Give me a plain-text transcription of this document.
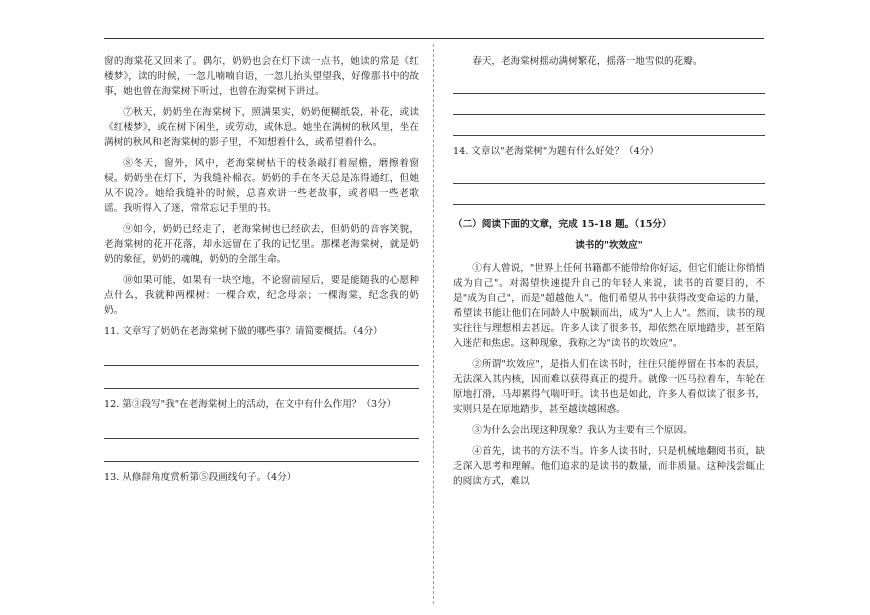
窗的海棠花又回来了。偶尔，奶奶也会在灯下读一点书，她读的常是《红楼梦》，读的时候，一忽儿喃喃自语，一忽儿抬头望望我，好像那书中的故事，她也曾在海棠树下听过，也曾在海棠树下讲过。

⑦秋天，奶奶坐在海棠树下，照满果实，奶奶便糊纸袋，补花，或读《红楼梦》，或在树下闲坐，或劳动，或休息。她坐在满树的秋风里，坐在满树的秋风和老海棠树的影子里，不知想着什么，或希望着什么。

⑧冬天，窗外，风中，老海棠树枯干的枝条敲打着屋檐，磨擦着窗棂。奶奶坐在灯下，为我缝补棉衣。奶奶的手在冬天总是冻得通红，但她从不说冷。她给我缝补的时候，总喜欢讲一些老故事，或者唱一些老歌谣。我听得入了迷，常常忘记手里的书。

⑨如今，奶奶已经走了，老海棠树也已经砍去，但奶奶的音容笑貌，老海棠树的花开花落，却永远留在了我的记忆里。那棵老海棠树，就是奶奶的象征，奶奶的魂魄，奶奶的全部生命。

⑩如果可能，如果有一块空地，不论窗前屋后，要是能随我的心愿种点什么，我就种两棵树：一棵合欢，纪念母亲；一棵海棠，纪念我的奶奶。

11. 文章写了奶奶在老海棠树下做的哪些事？请简要概括。（4分）

12. 第③段写"我"在老海棠树上的活动，在文中有什么作用？（3分）

13. 从修辞角度赏析第⑤段画线句子。（4分）

春天，老海棠树摇动满树繁花，摇落一地雪似的花瓣。

14. 文章以"老海棠树"为题有什么好处？（4分）

（二）阅读下面的文章，完成 15-18 题。（15分）

读书的"坎效应"

①有人曾说，"世界上任何书籍都不能带给你好运，但它们能让你悄悄成为自己"。对渴望快速提升自己的年轻人来说，读书的首要目的，不是"成为自己"，而是"超越他人"。他们希望从书中获得改变命运的力量，希望读书能让他们在同龄人中脱颖而出，成为"人上人"。然而，读书的现实往往与理想相去甚远。许多人读了很多书，却依然在原地踏步，甚至陷入迷茫和焦虑。这种现象，我称之为"读书的坎效应"。

②所谓"坎效应"，是指人们在读书时，往往只能停留在书本的表层，无法深入其内核，因而难以获得真正的提升。就像一匹马拉着车，车轮在原地打滑，马却累得气喘吁吁。读书也是如此，许多人看似读了很多书，实则只是在原地踏步，甚至越读越困惑。

③为什么会出现这种现象？我认为主要有三个原因。

④首先，读书的方法不当。许多人读书时，只是机械地翻阅书页，缺乏深入思考和理解。他们追求的是读书的数量，而非质量。这种浅尝辄止的阅读方式，难以
